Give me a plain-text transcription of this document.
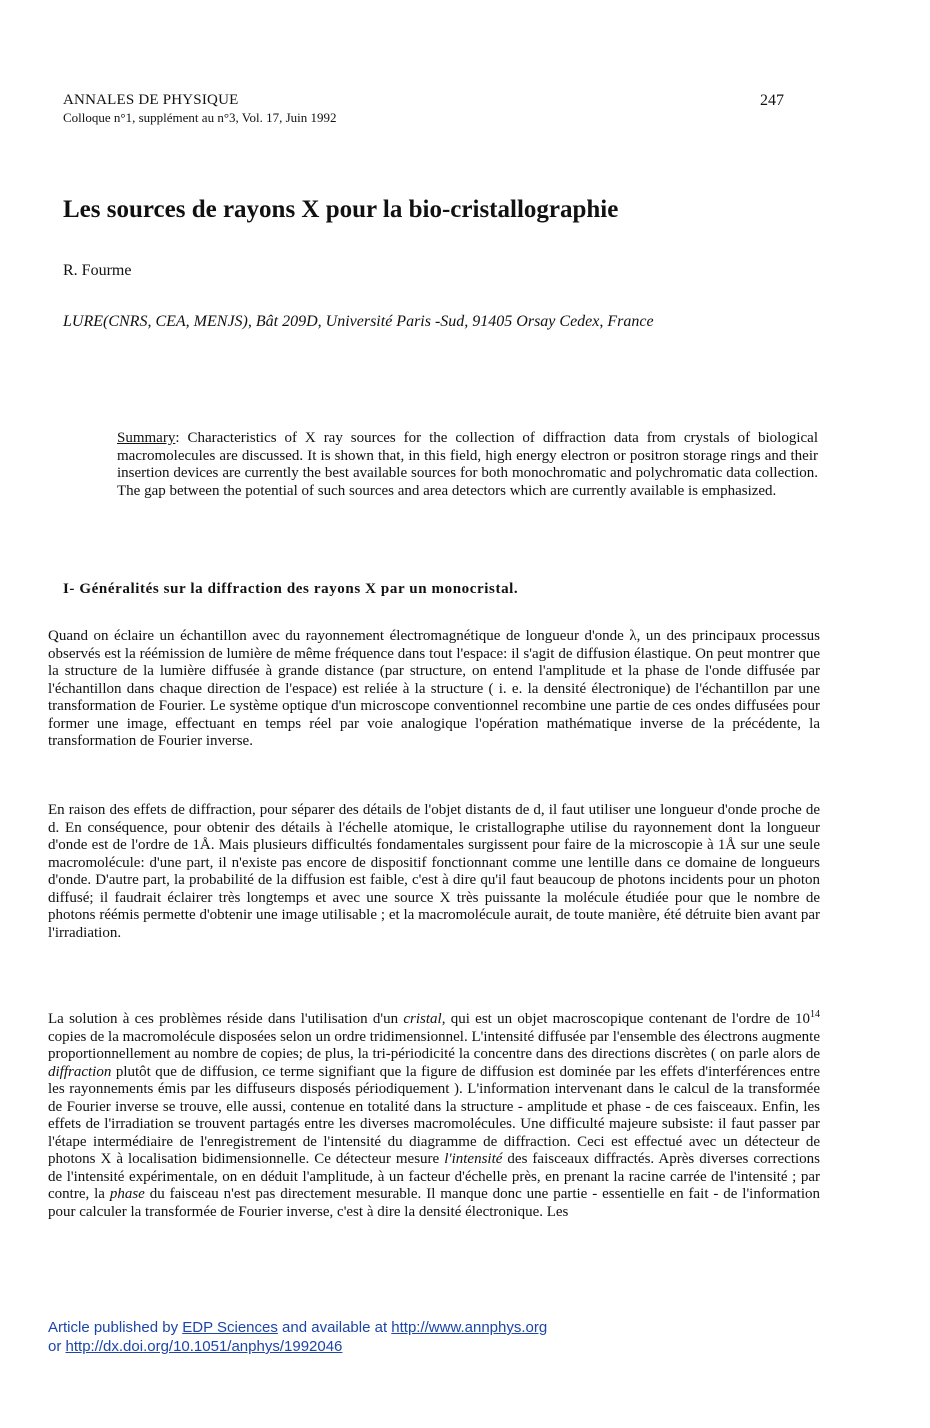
ANNALES DE PHYSIQUE
Colloque n°1, supplément au n°3, Vol. 17, Juin 1992
247
Les sources de rayons X pour la bio-cristallographie
R. Fourme
LURE(CNRS, CEA, MENJS), Bât 209D, Université Paris -Sud, 91405 Orsay Cedex, France
Summary: Characteristics of X ray sources for the collection of diffraction data from crystals of biological macromolecules are discussed. It is shown that, in this field, high energy electron or positron storage rings and their insertion devices are currently the best available sources for both monochromatic and polychromatic data collection. The gap between the potential of such sources and area detectors which are currently available is emphasized.
I- Généralités sur la diffraction des rayons X par un monocristal.
Quand on éclaire un échantillon avec du rayonnement électromagnétique de longueur d'onde λ, un des principaux processus observés est la réémission de lumière de même fréquence dans tout l'espace: il s'agit de diffusion élastique. On peut montrer que la structure de la lumière diffusée à grande distance (par structure, on entend l'amplitude et la phase de l'onde diffusée par l'échantillon dans chaque direction de l'espace) est reliée à la structure ( i. e. la densité électronique) de l'échantillon par une transformation de Fourier. Le système optique d'un microscope conventionnel recombine une partie de ces ondes diffusées pour former une image, effectuant en temps réel par voie analogique l'opération mathématique inverse de la précédente, la transformation de Fourier inverse.
En raison des effets de diffraction, pour séparer des détails de l'objet distants de d, il faut utiliser une longueur d'onde proche de d. En conséquence, pour obtenir des détails à l'échelle atomique, le cristallographe utilise du rayonnement dont la longueur d'onde est de l'ordre de 1Å. Mais plusieurs difficultés fondamentales surgissent pour faire de la microscopie à 1Å sur une seule macromolécule: d'une part, il n'existe pas encore de dispositif fonctionnant comme une lentille dans ce domaine de longueurs d'onde. D'autre part, la probabilité de la diffusion est faible, c'est à dire qu'il faut beaucoup de photons incidents pour un photon diffusé; il faudrait éclairer très longtemps et avec une source X très puissante la molécule étudiée pour que le nombre de photons réémis permette d'obtenir une image utilisable ; et la macromolécule aurait, de toute manière, été détruite bien avant par l'irradiation.
La solution à ces problèmes réside dans l'utilisation d'un cristal, qui est un objet macroscopique contenant de l'ordre de $10^{14}$ copies de la macromolécule disposées selon un ordre tridimensionnel. L'intensité diffusée par l'ensemble des électrons augmente proportionnellement au nombre de copies; de plus, la tri-périodicité la concentre dans des directions discrètes ( on parle alors de diffraction plutôt que de diffusion, ce terme signifiant que la figure de diffusion est dominée par les effets d'interférences entre les rayonnements émis par les diffuseurs disposés périodiquement ). L'information intervenant dans le calcul de la transformée de Fourier inverse se trouve, elle aussi, contenue en totalité dans la structure - amplitude et phase - de ces faisceaux. Enfin, les effets de l'irradiation se trouvent partagés entre les diverses macromolécules. Une difficulté majeure subsiste: il faut passer par l'étape intermédiaire de l'enregistrement de l'intensité du diagramme de diffraction. Ceci est effectué avec un détecteur de photons X à localisation bidimensionnelle. Ce détecteur mesure l'intensité des faisceaux diffractés. Après diverses corrections de l'intensité expérimentale, on en déduit l'amplitude, à un facteur d'échelle près, en prenant la racine carrée de l'intensité ; par contre, la phase du faisceau n'est pas directement mesurable. Il manque donc une partie - essentielle en fait - de l'information pour calculer la transformée de Fourier inverse, c'est à dire la densité électronique. Les
Article published by EDP Sciences and available at http://www.annphys.org
or http://dx.doi.org/10.1051/anphys/1992046
